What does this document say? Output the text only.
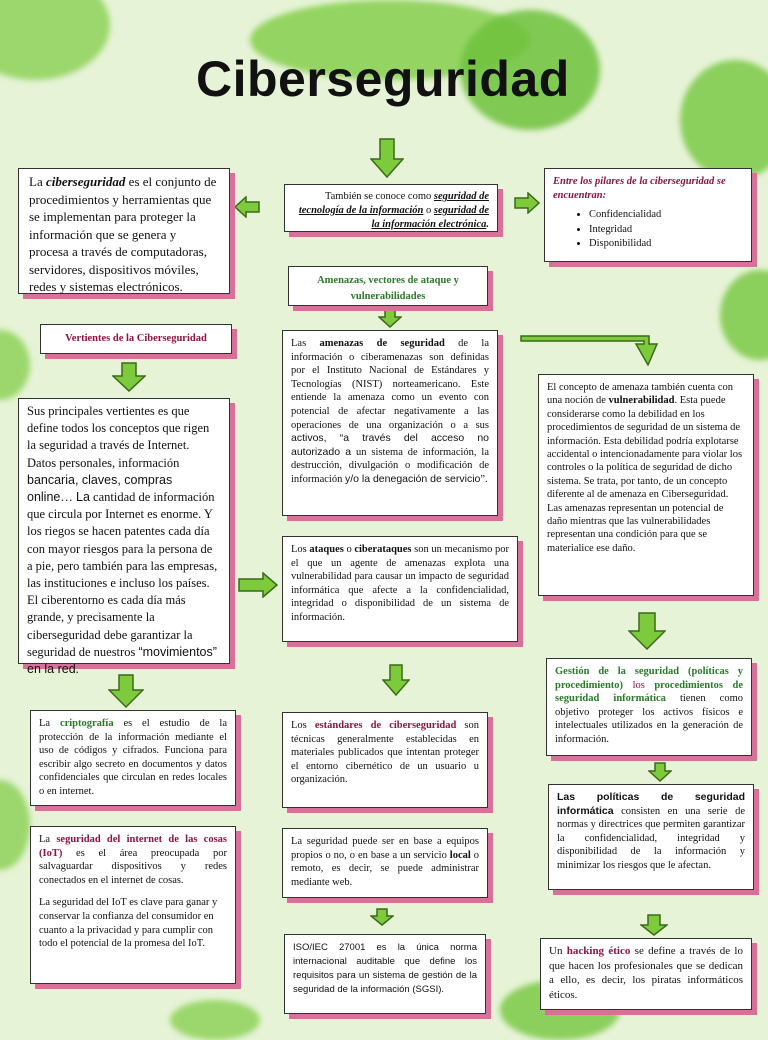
Ciberseguridad

La ciberseguridad es el conjunto de procedimientos y herramientas que se implementan para proteger la información que se genera y procesa a través de computadoras, servidores, dispositivos móviles, redes y sistemas electrónicos.

También se conoce como seguridad de tecnología de la información o seguridad de la información electrónica.

Entre los pilares de la ciberseguridad se encuentran:

• Confidencialidad
• Integridad
• Disponibilidad
Amenazas, vectores de ataque y vulnerabilidades
Vertientes de la Ciberseguridad	Las amenazas de seguridad de la información o ciberamenazas son definidas por el Instituto Nacional de Estándares y Tecnologías (NIST) norteamericano. Este entiende la amenaza como un evento con potencial de afectar negativamente a las operaciones de una organización o a sus activos, “a través del acceso no autorizado a un sistema de información, la destrucción, divulgación o modificación de información y/o la denegación de servicio”.

Sus principales vertientes es que define todos los conceptos que rigen la seguridad a través de Internet. Datos personales, información bancaria, claves, compras online… La cantidad de información que circula por Internet es enorme. Y los riegos se hacen patentes cada día con mayor riesgos para la persona de a pie, pero también para las empresas, las instituciones e incluso los países. El ciberentorno es cada día más grande, y precisamente la ciberseguridad debe garantizar la seguridad de nuestros “movimientos” en la red.

El concepto de amenaza también cuenta con una noción de vulnerabilidad. Esta puede considerarse como la debilidad en los procedimientos de seguridad de un sistema de información. Esta debilidad podría explotarse accidental o intencionadamente para violar los controles o la política de seguridad de dicho sistema. Se trata, por tanto, de un concepto diferente al de amenaza en Ciberseguridad. Las amenazas representan un potencial de daño mientras que las vulnerabilidades representan una condición para que se materialice ese daño.

Los ataques o ciberataques son un mecanismo por el que un agente de amenazas explota una vulnerabilidad para causar un impacto de seguridad informática que afecte a la confidencialidad, integridad o disponibilidad de un sistema de información.

Gestión de la seguridad (políticas y procedimiento) los procedimientos de seguridad informática tienen como objetivo proteger los activos físicos e intelectuales utilizados en la generación de información.

La criptografía es el estudio de la protección de la información mediante el uso de códigos y cifrados. Funciona para escribir algo secreto en documentos y datos confidenciales que circulan en redes locales o en internet.

Los estándares de ciberseguridad son técnicas generalmente establecidas en materiales publicados que intentan proteger el entorno cibernético de un usuario u organización.

Las políticas de seguridad informática consisten en una serie de normas y directrices que permiten garantizar la confidencialidad, integridad y disponibilidad de la información y minimizar los riesgos que le afectan.

La seguridad del internet de las cosas (IoT) es el área preocupada por salvaguardar dispositivos y redes conectados en el internet de cosas.

La seguridad del IoT es clave para ganar y conservar la confianza del consumidor en cuanto a la privacidad y para cumplir con todo el potencial de la promesa del IoT.

La seguridad puede ser en base a equipos propios o no, o en base a un servicio local o remoto, es decir, se puede administrar mediante web.

ISO/IEC 27001 es la única norma internacional auditable que define los requisitos para un sistema de gestión de la seguridad de la información (SGSI).

Un hacking ético se define a través de lo que hacen los profesionales que se dedican a ello, es decir, los piratas informáticos éticos.
